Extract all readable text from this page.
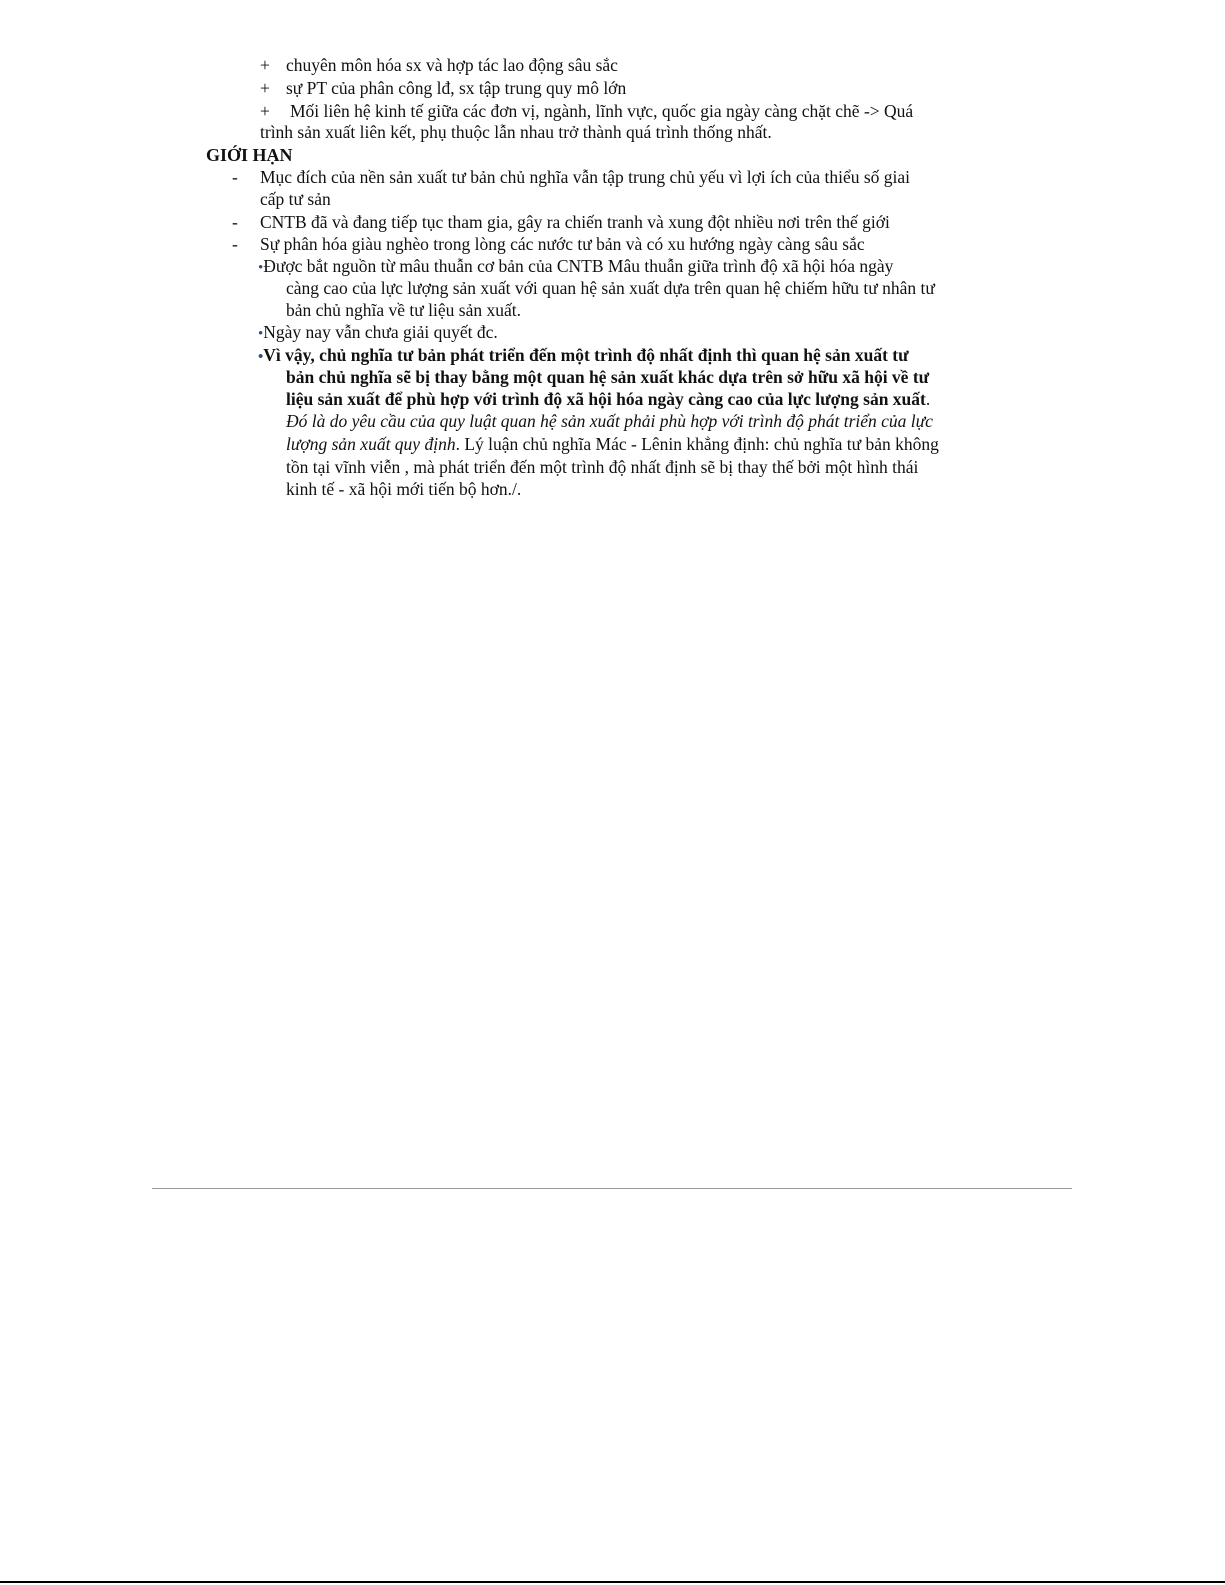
+ chuyên môn hóa sx và hợp tác lao động sâu sắc
+ sự PT của phân công lđ, sx tập trung quy mô lớn
+ Mối liên hệ kinh tế giữa các đơn vị, ngành, lĩnh vực, quốc gia ngày càng chặt chẽ -> Quá
trình sản xuất liên kết, phụ thuộc lẫn nhau trở thành quá trình thống nhất.
GIỚI HẠN
- Mục đích của nền sản xuất tư bản chủ nghĩa vẫn tập trung chủ yếu vì lợi ích của thiểu số giai
cấp tư sản
- CNTB đã và đang tiếp tục tham gia, gây ra chiến tranh và xung đột nhiều nơi trên thế giới
- Sự phân hóa giàu nghèo trong lòng các nước tư bản và có xu hướng ngày càng sâu sắc
•Được bắt nguồn từ mâu thuẫn cơ bản của CNTB Mâu thuẫn giữa trình độ xã hội hóa ngày
càng cao của lực lượng sản xuất với quan hệ sản xuất dựa trên quan hệ chiếm hữu tư nhân tư
bản chủ nghĩa về tư liệu sản xuất.
•Ngày nay vẫn chưa giải quyết đc.
•Vì vậy, chủ nghĩa tư bản phát triển đến một trình độ nhất định thì quan hệ sản xuất tư
bản chủ nghĩa sẽ bị thay bằng một quan hệ sản xuất khác dựa trên sở hữu xã hội về tư
liệu sản xuất để phù hợp với trình độ xã hội hóa ngày càng cao của lực lượng sản xuất.
Đó là do yêu cầu của quy luật quan hệ sản xuất phải phù hợp với trình độ phát triển của lực
lượng sản xuất quy định. Lý luận chủ nghĩa Mác - Lênin khẳng định: chủ nghĩa tư bản không
tồn tại vĩnh viễn , mà phát triển đến một trình độ nhất định sẽ bị thay thế bởi một hình thái
kinh tế - xã hội mới tiến bộ hơn./.
